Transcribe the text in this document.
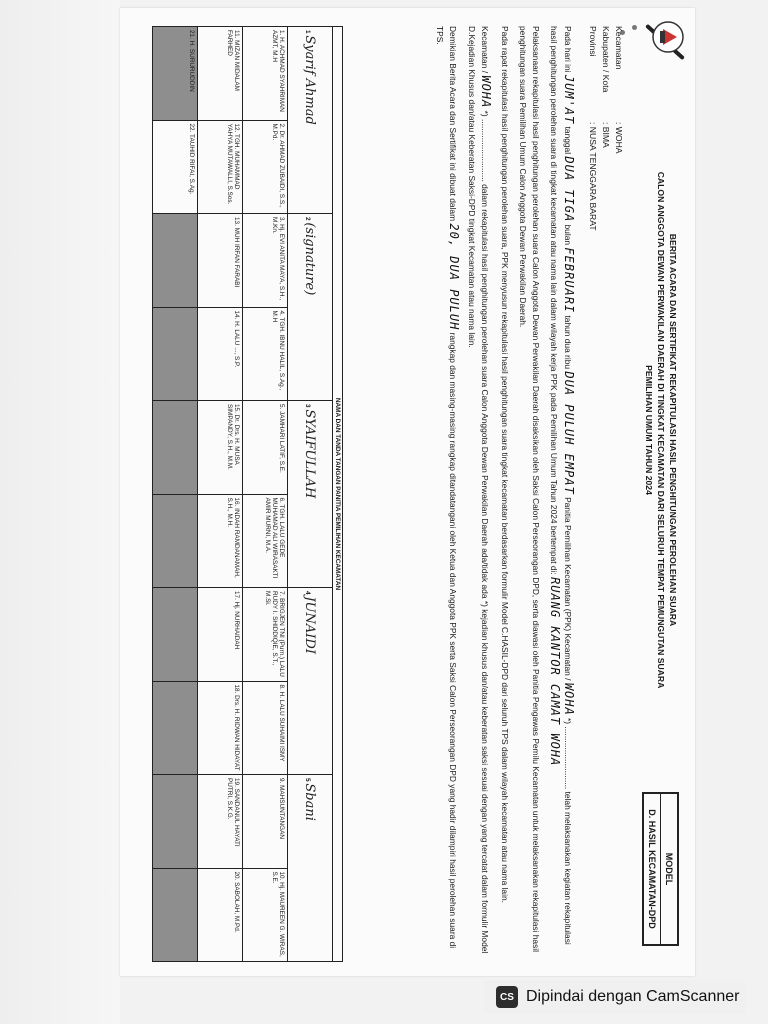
MODEL
D. HASIL KECAMATAN-DPD
BERITA ACARA DAN SERTIFIKAT REKAPITULASI HASIL PENGHITUNGAN PEROLEHAN SUARA
CALON ANGGOTA DEWAN PERWAKILAN DAERAH DI TINGKAT KECAMATAN DARI SELURUH TEMPAT PEMUNGUTAN SUARA
PEMILIHAN UMUM TAHUN 2024
Kecamatan
: WOHA
Kabupaten / Kota
: BIMA
Provinsi
: NUSA TENGGARA BARAT

Pada hari ini JUM'AT tanggal DUA TIGA bulan FEBRUARI tahun dua ribu DUA PULUH EMPAT Panitia Pemilihan Kecamatan (PPK) Kecamatan / WOHA *) ........................... telah melaksanakan kegiatan rekapitulasi hasil penghitungan perolehan suara di tingkat kecamatan atau nama lain dalam wilayah kerja PPK pada Pemilihan Umum Tahun 2024 bertempat di: RUANG KANTOR CAMAT WOHA

Pelaksanaan rekapitulasi hasil penghitungan perolehan suara Calon Anggota Dewan Perwakilan Daerah disaksikan oleh Saksi Calon Perseorangan DPD, serta diawasi oleh Panitia Pengawas Pemilu Kecamatan untuk melaksanakan rekapitulasi hasil penghitungan suara Pemilihan Umum Calon Anggota Dewan Perwakilan Daerah.

Pada rapat rekapitulasi hasil penghitungan perolehan suara, PPK menyusun rekapitulasi hasil penghitungan suara tingkat kecamatan berdasarkan formulir Model C.HASIL-DPD dari seluruh TPS dalam wilayah kecamatan atau nama lain.

Kecamatan / WOHA *) ........................... dalam rekapitulasi hasil penghitungan perolehan suara Calon Anggota Dewan Perwakilan Daerah ada/tidak ada *) kejadian khusus dan/atau keberatan saksi sesuai dengan yang tercatat dalam formulir Model D.Kejadian Khusus dan/atau Keberatan Saksi-DPD tingkat Kecamatan atau nama lain.

Demikian Berita Acara dan Sertifikat ini dibuat dalam 20, DUA PULUH rangkap dan masing-masing rangkap ditandatangani oleh Ketua dan Anggota PPK serta Saksi Calon Perseorangan DPD yang hadir dilampiri hasil perolehan suara di TPS.

NAMA DAN TANDA TANGAN PANITIA PEMILIHAN KECAMATAN									
1 Syarif Ahmad		2 (signature)		3 SYAIFULLAH		4 JUNAIDI		5 Sbani	
1. H. ACHMAD SYAHRIMAN AZMT, M.H	2. Dr. AHMAD ZUBAIDI, S.S., M.Pd.	3. Hj. EVI ANITA MAYA, S.H., M.Kn.	4. TGH. IBNU HALIL, S.Ag., M.H	5. JAMHARI LATIF, S.E.	6. TGH. LALU GEDE MUHAMAD ALI WIRASAKTI AMIR MURNI, M.A.	7. BRIGJEN TNI (Purn.) LALU RUDY I. SHIDDIQIE, S.T., M.Si.	8. H. LALU SUHAIMI ISMY	9. MAHSUNTANGAN	10. Hj. MAUREEN G. WIRAS, S.E.
11. MIZAN MIDALAM FARHED	12. TGH. MUHAMMAD YAHYA MUTAWALLI, S.Sos.	13. MUH IRFAN FARABI	14. H. LALU ..., S.P.	15. Dr. Drs. H. MUSA SIMPANDY, S.H., M.M.	16. INDAH RAMDANAMAH, S.H., M.H.	17. Hj. NURHAIDAH	18. Drs. H. RIDWAN HIDAYAT	19. SANDANUL HAYATI PUTRI, S.K.G.	20. SABOLAH, M.Pd.
21. H. SURURUDDIN	22. TAUHID RIFAI, S.Ag.								
CS Dipindai dengan CamScanner
